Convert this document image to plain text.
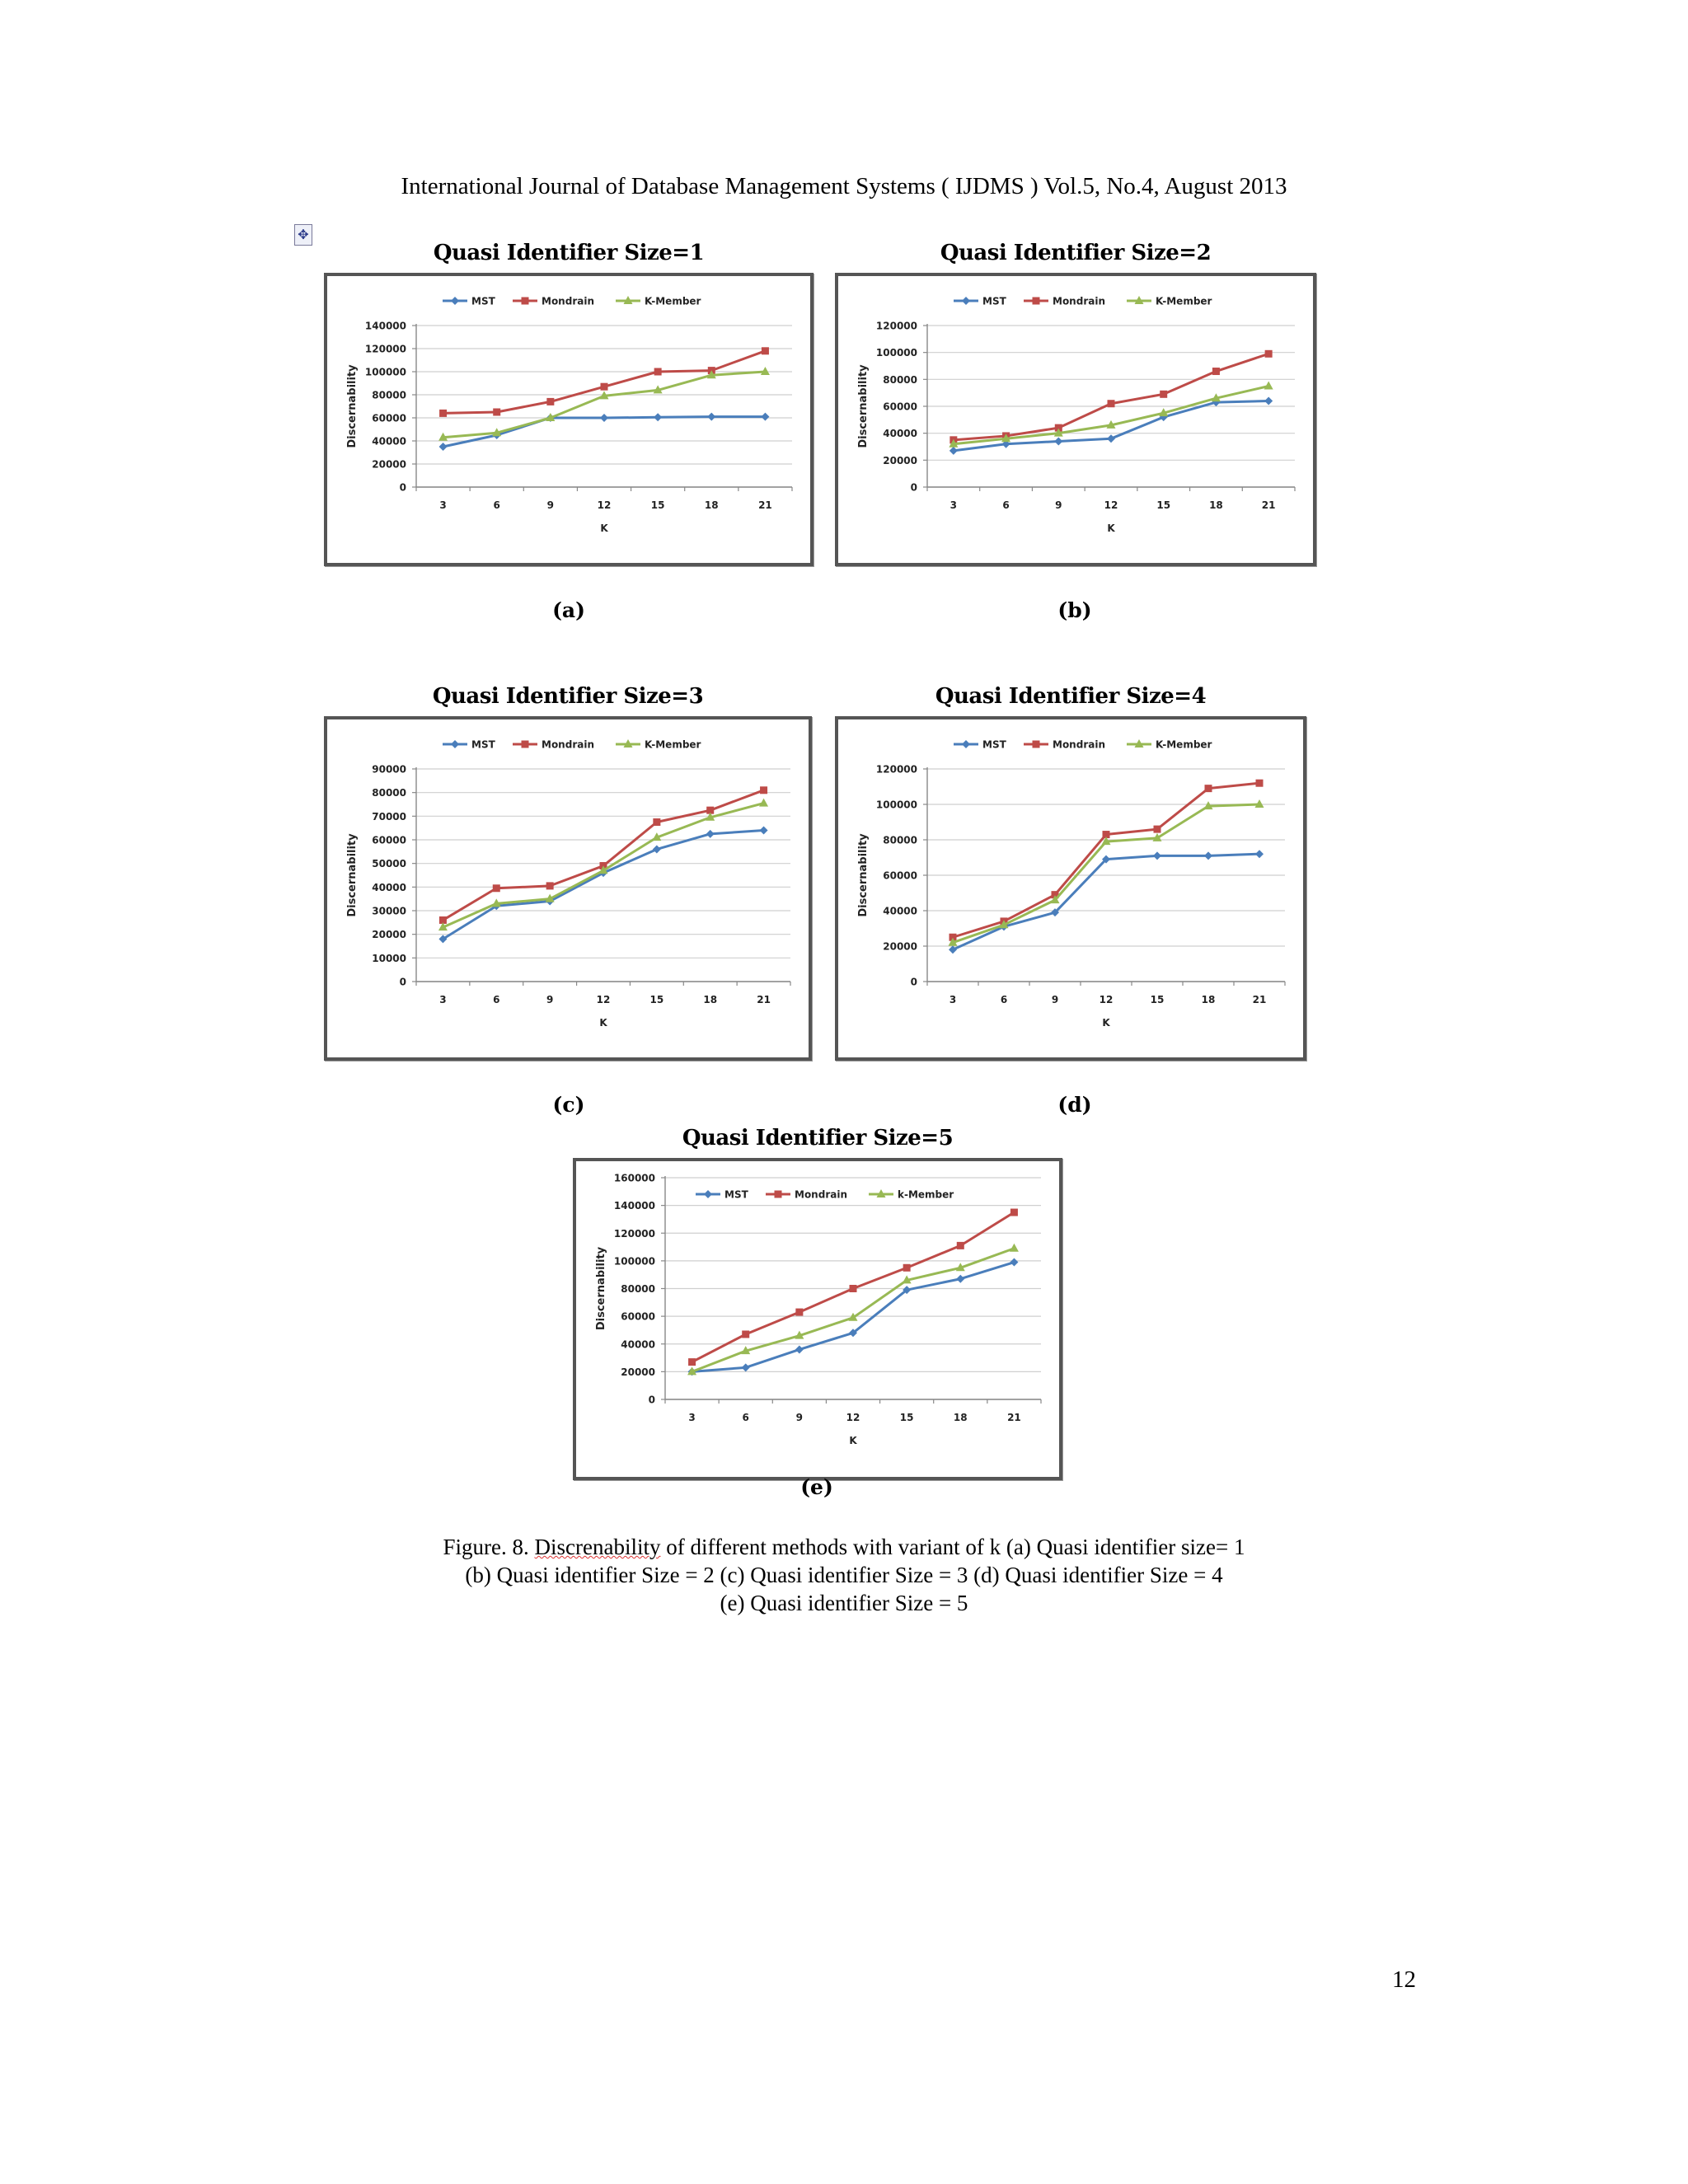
International Journal of Database Management Systems ( IJDMS ) Vol.5, No.4, August 2013
✥
Quasi Identifier Size=1
0
20000
40000
60000
80000
100000
120000
140000
3	6	9	12	15	18	21
K
Discernability
MST	Mondrain	K-Member
(a)
Quasi Identifier Size=2
0
20000
40000
60000
80000
100000
120000
3	6	9	12	15	18	21
K
Discernability
MST	Mondrain	K-Member
(b)
Quasi Identifier Size=3
0
10000
20000
30000
40000
50000
60000
70000
80000
90000
3	6	9	12	15	18	21
K
Discernability
MST	Mondrain	K-Member
(c)
Quasi Identifier Size=4
0
20000
40000
60000
80000
100000
120000
3	6	9	12	15	18	21
K
Discernability
MST	Mondrain	K-Member
(d)
Quasi Identifier Size=5
0
20000
40000
60000
80000
100000
120000
140000
160000
3	6	9	12	15	18	21
K
Discernability
MST	Mondrain	k-Member
(e)
Figure. 8. Discrenability of different methods with variant of k (a) Quasi identifier size= 1
(b) Quasi identifier Size = 2 (c) Quasi identifier Size = 3 (d) Quasi identifier Size = 4
(e) Quasi identifier Size = 5
12
